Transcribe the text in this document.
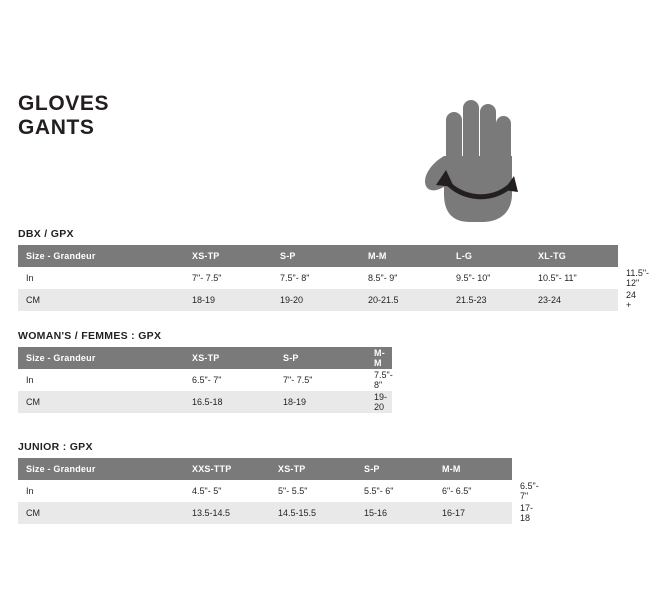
GLOVES
GANTS
DBX / GPX
Size - Grandeur	XS-TP	S-P	M-M	L-G	XL-TG	2XL-2TG
In	7"- 7.5"	7.5"- 8"	8.5"- 9"	9.5"- 10"	10.5"- 11"	11.5"- 12"
CM	18-19	19-20	20-21.5	21.5-23	23-24	24 +
WOMAN'S / FEMMES : GPX
Size - Grandeur	XS-TP	S-P	M-M
In	6.5"- 7"	7"- 7.5"	7.5"- 8"
CM	16.5-18	18-19	19-20
JUNIOR : GPX
Size - Grandeur	XXS-TTP	XS-TP	S-P	M-M	L-G
In	4.5"- 5"	5"- 5.5"	5.5"- 6"	6"- 6.5"	6.5"- 7"
CM	13.5-14.5	14.5-15.5	15-16	16-17	17-18
